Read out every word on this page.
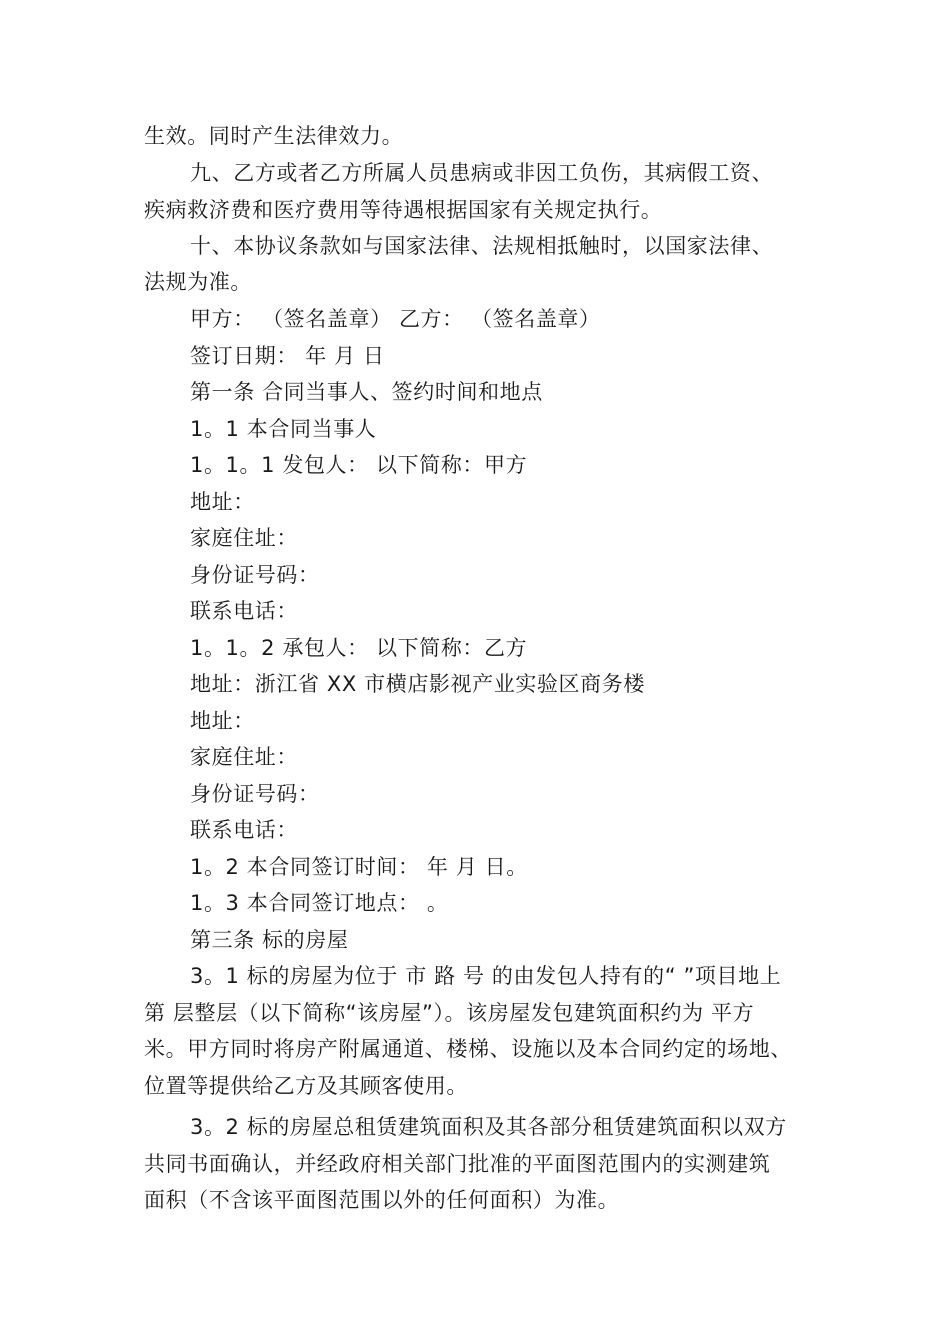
生效。同时产生法律效力。
九、乙方或者乙方所属人员患病或非因工负伤，其病假工资、
疾病救济费和医疗费用等待遇根据国家有关规定执行。
十、本协议条款如与国家法律、法规相抵触时，以国家法律、
法规为准。
甲方： （签名盖章） 乙方： （签名盖章）
签订日期： 年 月 日
第一条 合同当事人、签约时间和地点
1。1 本合同当事人
1。1。1 发包人： 以下简称：甲方
地址：
家庭住址：
身份证号码：
联系电话：
1。1。2 承包人： 以下简称：乙方
地址：浙江省 XX 市横店影视产业实验区商务楼
地址：
家庭住址：
身份证号码：
联系电话：
1。2 本合同签订时间： 年 月 日。
1。3 本合同签订地点： 。
第三条 标的房屋
3。1 标的房屋为位于 市 路 号 的由发包人持有的“ ”项目地上
第 层整层（以下简称“该房屋”）。该房屋发包建筑面积约为 平方
米。甲方同时将房产附属通道、楼梯、设施以及本合同约定的场地、
位置等提供给乙方及其顾客使用。
3。2 标的房屋总租赁建筑面积及其各部分租赁建筑面积以双方
共同书面确认，并经政府相关部门批准的平面图范围内的实测建筑
面积（不含该平面图范围以外的任何面积）为准。
